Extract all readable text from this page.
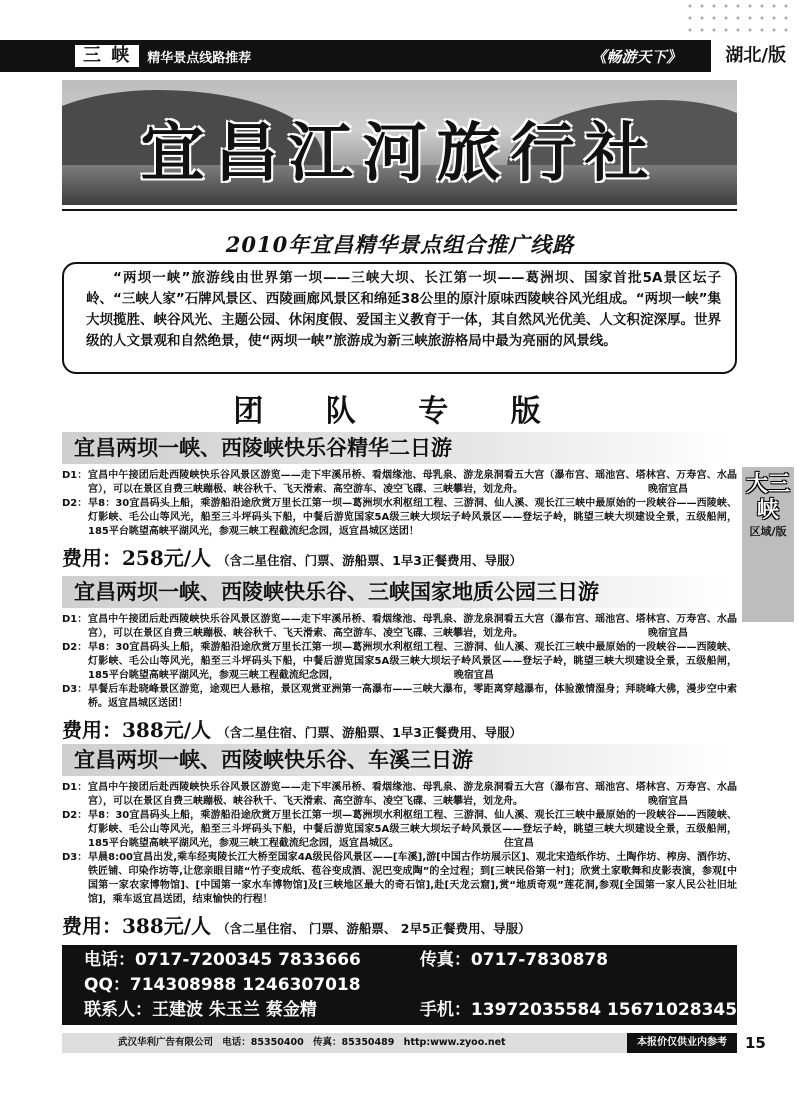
三 峡	精华景点线路推荐	《畅游天下》	湖北/版
宜昌江河旅行社
2010年宜昌精华景点组合推广线路
“两坝一峡”旅游线由世界第一坝——三峡大坝、长江第一坝——葛洲坝、国家首批5A景区坛子岭、“三峡人家”石牌风景区、西陵画廊风景区和绵延38公里的原汁原味西陵峡谷风光组成。“两坝一峡”集大坝揽胜、峡谷风光、主题公园、休闲度假、爱国主义教育于一体，其自然风光优美、人文积淀深厚。世界级的人文景观和自然绝景，使“两坝一峡”旅游成为新三峡旅游格局中最为亮丽的风景线。
团 队 专 版
宜昌两坝一峡、西陵峡快乐谷精华二日游
D1： 宜昌中午接团后赴西陵峡快乐谷风景区游览——走下牢溪吊桥、看烟缘池、母乳泉、游龙泉洞看五大宫（瀑布宫、瑶池宫、塔林宫、万寿宫、水晶宫），可以在景区自费三峡蹦极、峡谷秋千、飞天滑索、高空游车、凌空飞碟、三峡攀岩，划龙舟。　　　　　　　　　　　　　晚宿宜昌
D2： 早8：30宜昌码头上船，乘游船沿途欣赏万里长江第一坝—葛洲坝水利枢纽工程、三游洞、仙人溪、观长江三峡中最原始的一段峡谷——西陵峡、灯影峡、毛公山等风光，船至三斗坪码头下船，中餐后游览国家5A级三峡大坝坛子岭风景区——登坛子岭，眺望三峡大坝建设全景，五级船闸，185平台眺望高峡平湖风光，参观三峡工程截流纪念园，返宜昌城区送团！
费用：258元/人 （含二星住宿、门票、游船票、1早3正餐费用、导服）
宜昌两坝一峡、西陵峡快乐谷、三峡国家地质公园三日游
D1： 宜昌中午接团后赴西陵峡快乐谷风景区游览——走下牢溪吊桥、看烟缘池、母乳泉、游龙泉洞看五大宫（瀑布宫、瑶池宫、塔林宫、万寿宫、水晶宫），可以在景区自费三峡蹦极、峡谷秋千、飞天滑索、高空游车、凌空飞碟、三峡攀岩，划龙舟。　　　　　　　　　　　　　晚宿宜昌
D2： 早8：30宜昌码头上船，乘游船沿途欣赏万里长江第一坝—葛洲坝水利枢纽工程、三游洞、仙人溪、观长江三峡中最原始的一段峡谷——西陵峡、灯影峡、毛公山等风光，船至三斗坪码头下船，中餐后游览国家5A级三峡大坝坛子岭风景区——登坛子岭，眺望三峡大坝建设全景，五级船闸，185平台眺望高峡平湖风光，参观三峡工程截流纪念园，　　　　　　　　　　　　晚宿宜昌
D3： 早餐后车赴晓峰景区游览，途观巴人悬棺，景区观赏亚洲第一高瀑布——三峡大瀑布，零距离穿越瀑布，体验激情湿身；拜晓峰大佛，漫步空中索桥。返宜昌城区送团！
费用：388元/人 （含二星住宿、门票、游船票、1早3正餐费用、导服）
宜昌两坝一峡、西陵峡快乐谷、车溪三日游
D1： 宜昌中午接团后赴西陵峡快乐谷风景区游览——走下牢溪吊桥、看烟缘池、母乳泉、游龙泉洞看五大宫（瀑布宫、瑶池宫、塔林宫、万寿宫、水晶宫），可以在景区自费三峡蹦极、峡谷秋千、飞天滑索、高空游车、凌空飞碟、三峡攀岩，划龙舟。　　　　　　　　　　　　　晚宿宜昌
D2： 早8：30宜昌码头上船，乘游船沿途欣赏万里长江第一坝—葛洲坝水利枢纽工程、三游洞、仙人溪、观长江三峡中最原始的一段峡谷——西陵峡、灯影峡、毛公山等风光，船至三斗坪码头下船，中餐后游览国家5A级三峡大坝坛子岭风景区——登坛子岭，眺望三峡大坝建设全景，五级船闸，185平台眺望高峡平湖风光，参观三峡工程截流纪念园，返宜昌城区。　　　　　　　　　　　住宜昌
D3： 早晨8:00宜昌出发,乘车经夷陵长江大桥至国家4A级民俗风景区——[车溪],游[中国古作坊展示区]、观北宋造纸作坊、土陶作坊、榨房、酒作坊、铁匠铺、印染作坊等,让您亲眼目睹“竹子变成纸、苞谷变成酒、泥巴变成陶”的全过程；到[三峡民俗第一村]；欣赏土家歌舞和皮影表演，参观[中国第一家农家博物馆]、[中国第一家水车博物馆]及[三峡地区最大的奇石馆],赴[天龙云窟],赏“地质奇观”莲花洞,参观[全国第一家人民公社旧址馆]，乘车返宜昌送团，结束愉快的行程！
费用：388元/人 （含二星住宿、 门票、游船票、 2早5正餐费用、导服）
大三峡
区域/版
电话：0717-7200345 7833666	传真：0717-7830878
QQ：714308988 1246307018
联系人：王建波 朱玉兰 蔡金精	手机：13972035584 15671028345
武汉华利广告有限公司 电话：85350400 传真：85350489 http:www.zyoo.net	本报价仅供业内参考	15
